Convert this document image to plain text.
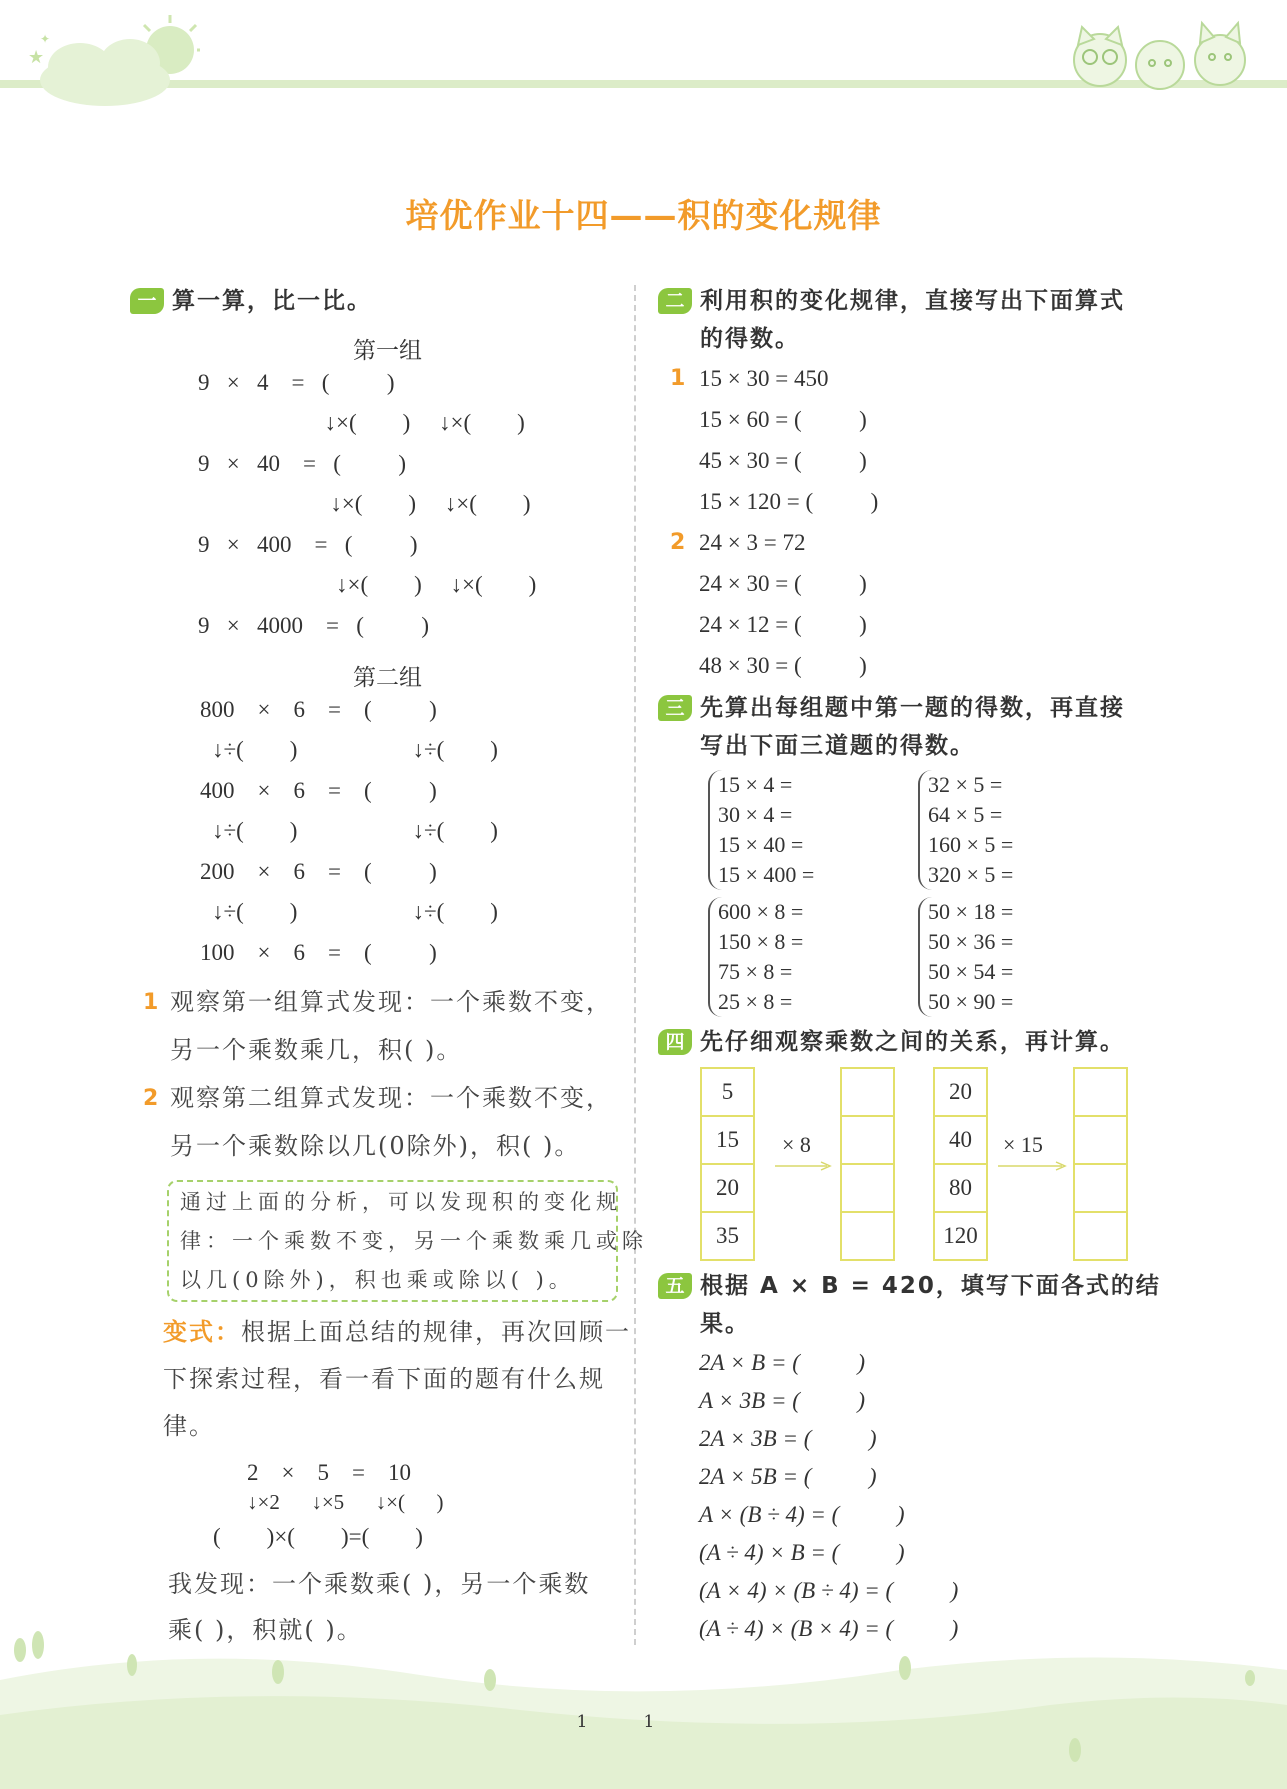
★
✦
培优作业十四——积的变化规律
一 算一算，比一比。
第一组
9   ×   4    =   (          )
↓×(        )     ↓×(        )
9   ×   40    =   (          )
↓×(        )     ↓×(        )
9   ×   400    =   (          )
↓×(        )     ↓×(        )
9   ×   4000    =   (          )
第二组
800    ×    6    =    (          )
↓÷(        )                    ↓÷(        )
400    ×    6    =    (          )
↓÷(        )                    ↓÷(        )
200    ×    6    =    (          )
↓÷(        )                    ↓÷(        )
100    ×    6    =    (          )
1 观察第一组算式发现：一个乘数不变，
另一个乘数乘几，积( )。
2 观察第二组算式发现：一个乘数不变，
另一个乘数除以几(0除外)，积( )。
通过上面的分析，可以发现积的变化规
律：一个乘数不变，另一个乘数乘几或除
以几(0除外)，积也乘或除以( )。
变式：根据上面总结的规律，再次回顾一
下探索过程，看一看下面的题有什么规
律。
2    ×    5    =    10
↓×2      ↓×5      ↓×(      )
(        )×(        )=(        )
我发现：一个乘数乘( )，另一个乘数
乘( )，积就( )。
二 利用积的变化规律，直接写出下面算式
的得数。
1 15 × 30 = 450
15 × 60 = (          )
45 × 30 = (          )
15 × 120 = (          )
2 24 × 3 = 72
24 × 30 = (          )
24 × 12 = (          )
48 × 30 = (          )
三 先算出每组题中第一题的得数，再直接
写出下面三道题的得数。
15 × 4 =
30 × 4 =
15 × 40 =
15 × 400 =
32 × 5 =
64 × 5 =
160 × 5 =
320 × 5 =
600 × 8 =
150 × 8 =
75 × 8 =
25 × 8 =
50 × 18 =
50 × 36 =
50 × 54 =
50 × 90 =
四 先仔细观察乘数之间的关系，再计算。
5
15
20
35
× 8
20
40
80
120
× 15
五 根据 A × B = 420，填写下面各式的结
果。
2A × B = (          )
A × 3B = (          )
2A × 3B = (          )
2A × 5B = (          )
A × (B ÷ 4) = (          )
(A ÷ 4) × B = (          )
(A × 4) × (B ÷ 4) = (          )
(A ÷ 4) × (B × 4) = (          )
11
